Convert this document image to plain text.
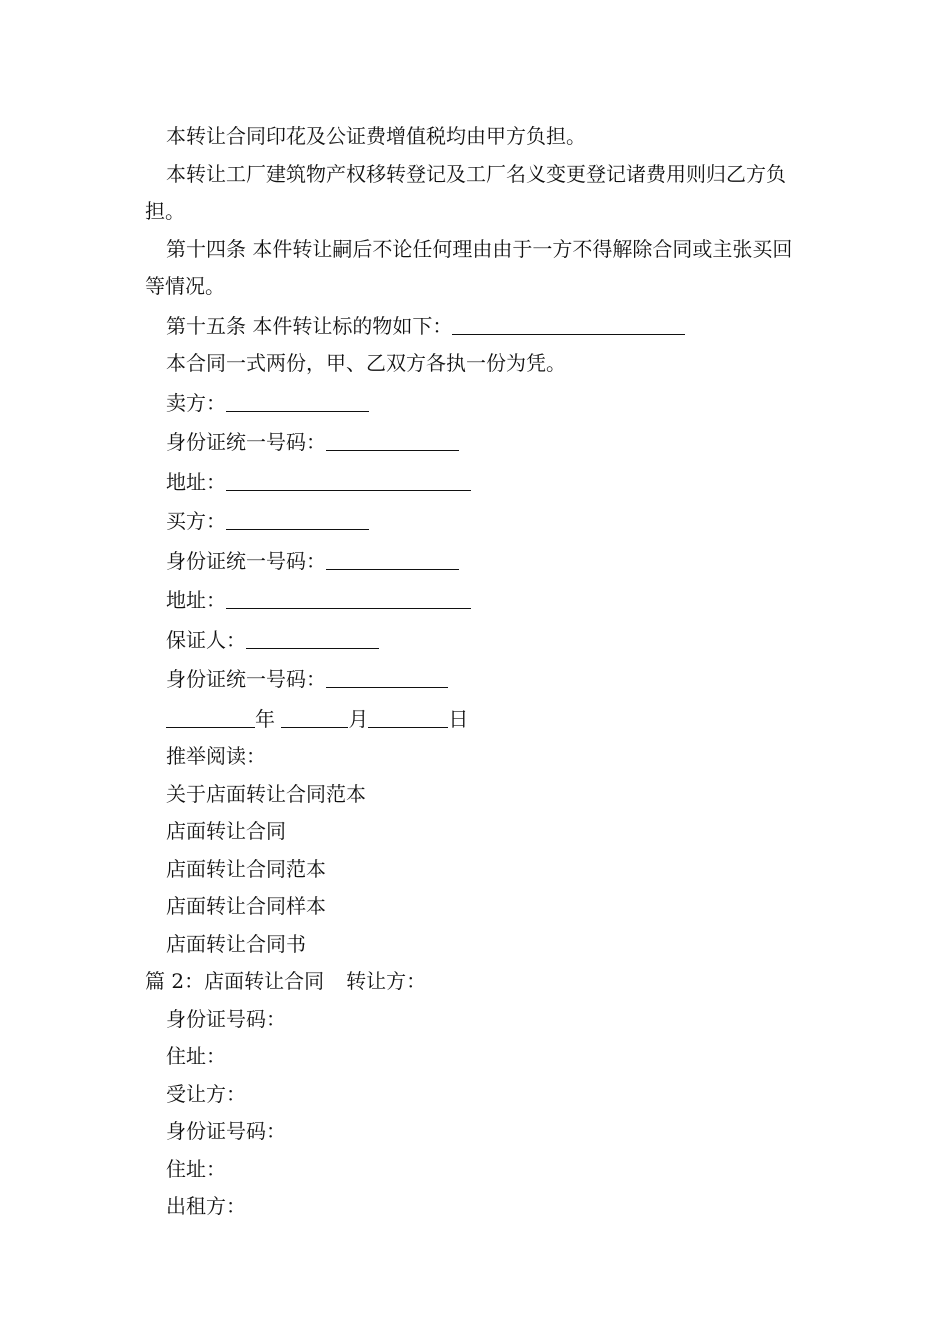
本转让合同印花及公证费增值税均由甲方负担。

本转让工厂建筑物产权移转登记及工厂名义变更登记诸费用则归乙方负担。

第十四条 本件转让嗣后不论任何理由由于一方不得解除合同或主张买回等情况。

第十五条 本件转让标的物如下：

本合同一式两份，甲、乙双方各执一份为凭。

卖方：

身份证统一号码：

地址：

买方：

身份证统一号码：

地址：

保证人：

身份证统一号码：

年	月	日

推举阅读：

关于店面转让合同范本

店面转让合同

店面转让合同范本

店面转让合同样本

店面转让合同书

篇 2：店面转让合同 转让方：

身份证号码：

住址：

受让方：

身份证号码：

住址：

出租方：
